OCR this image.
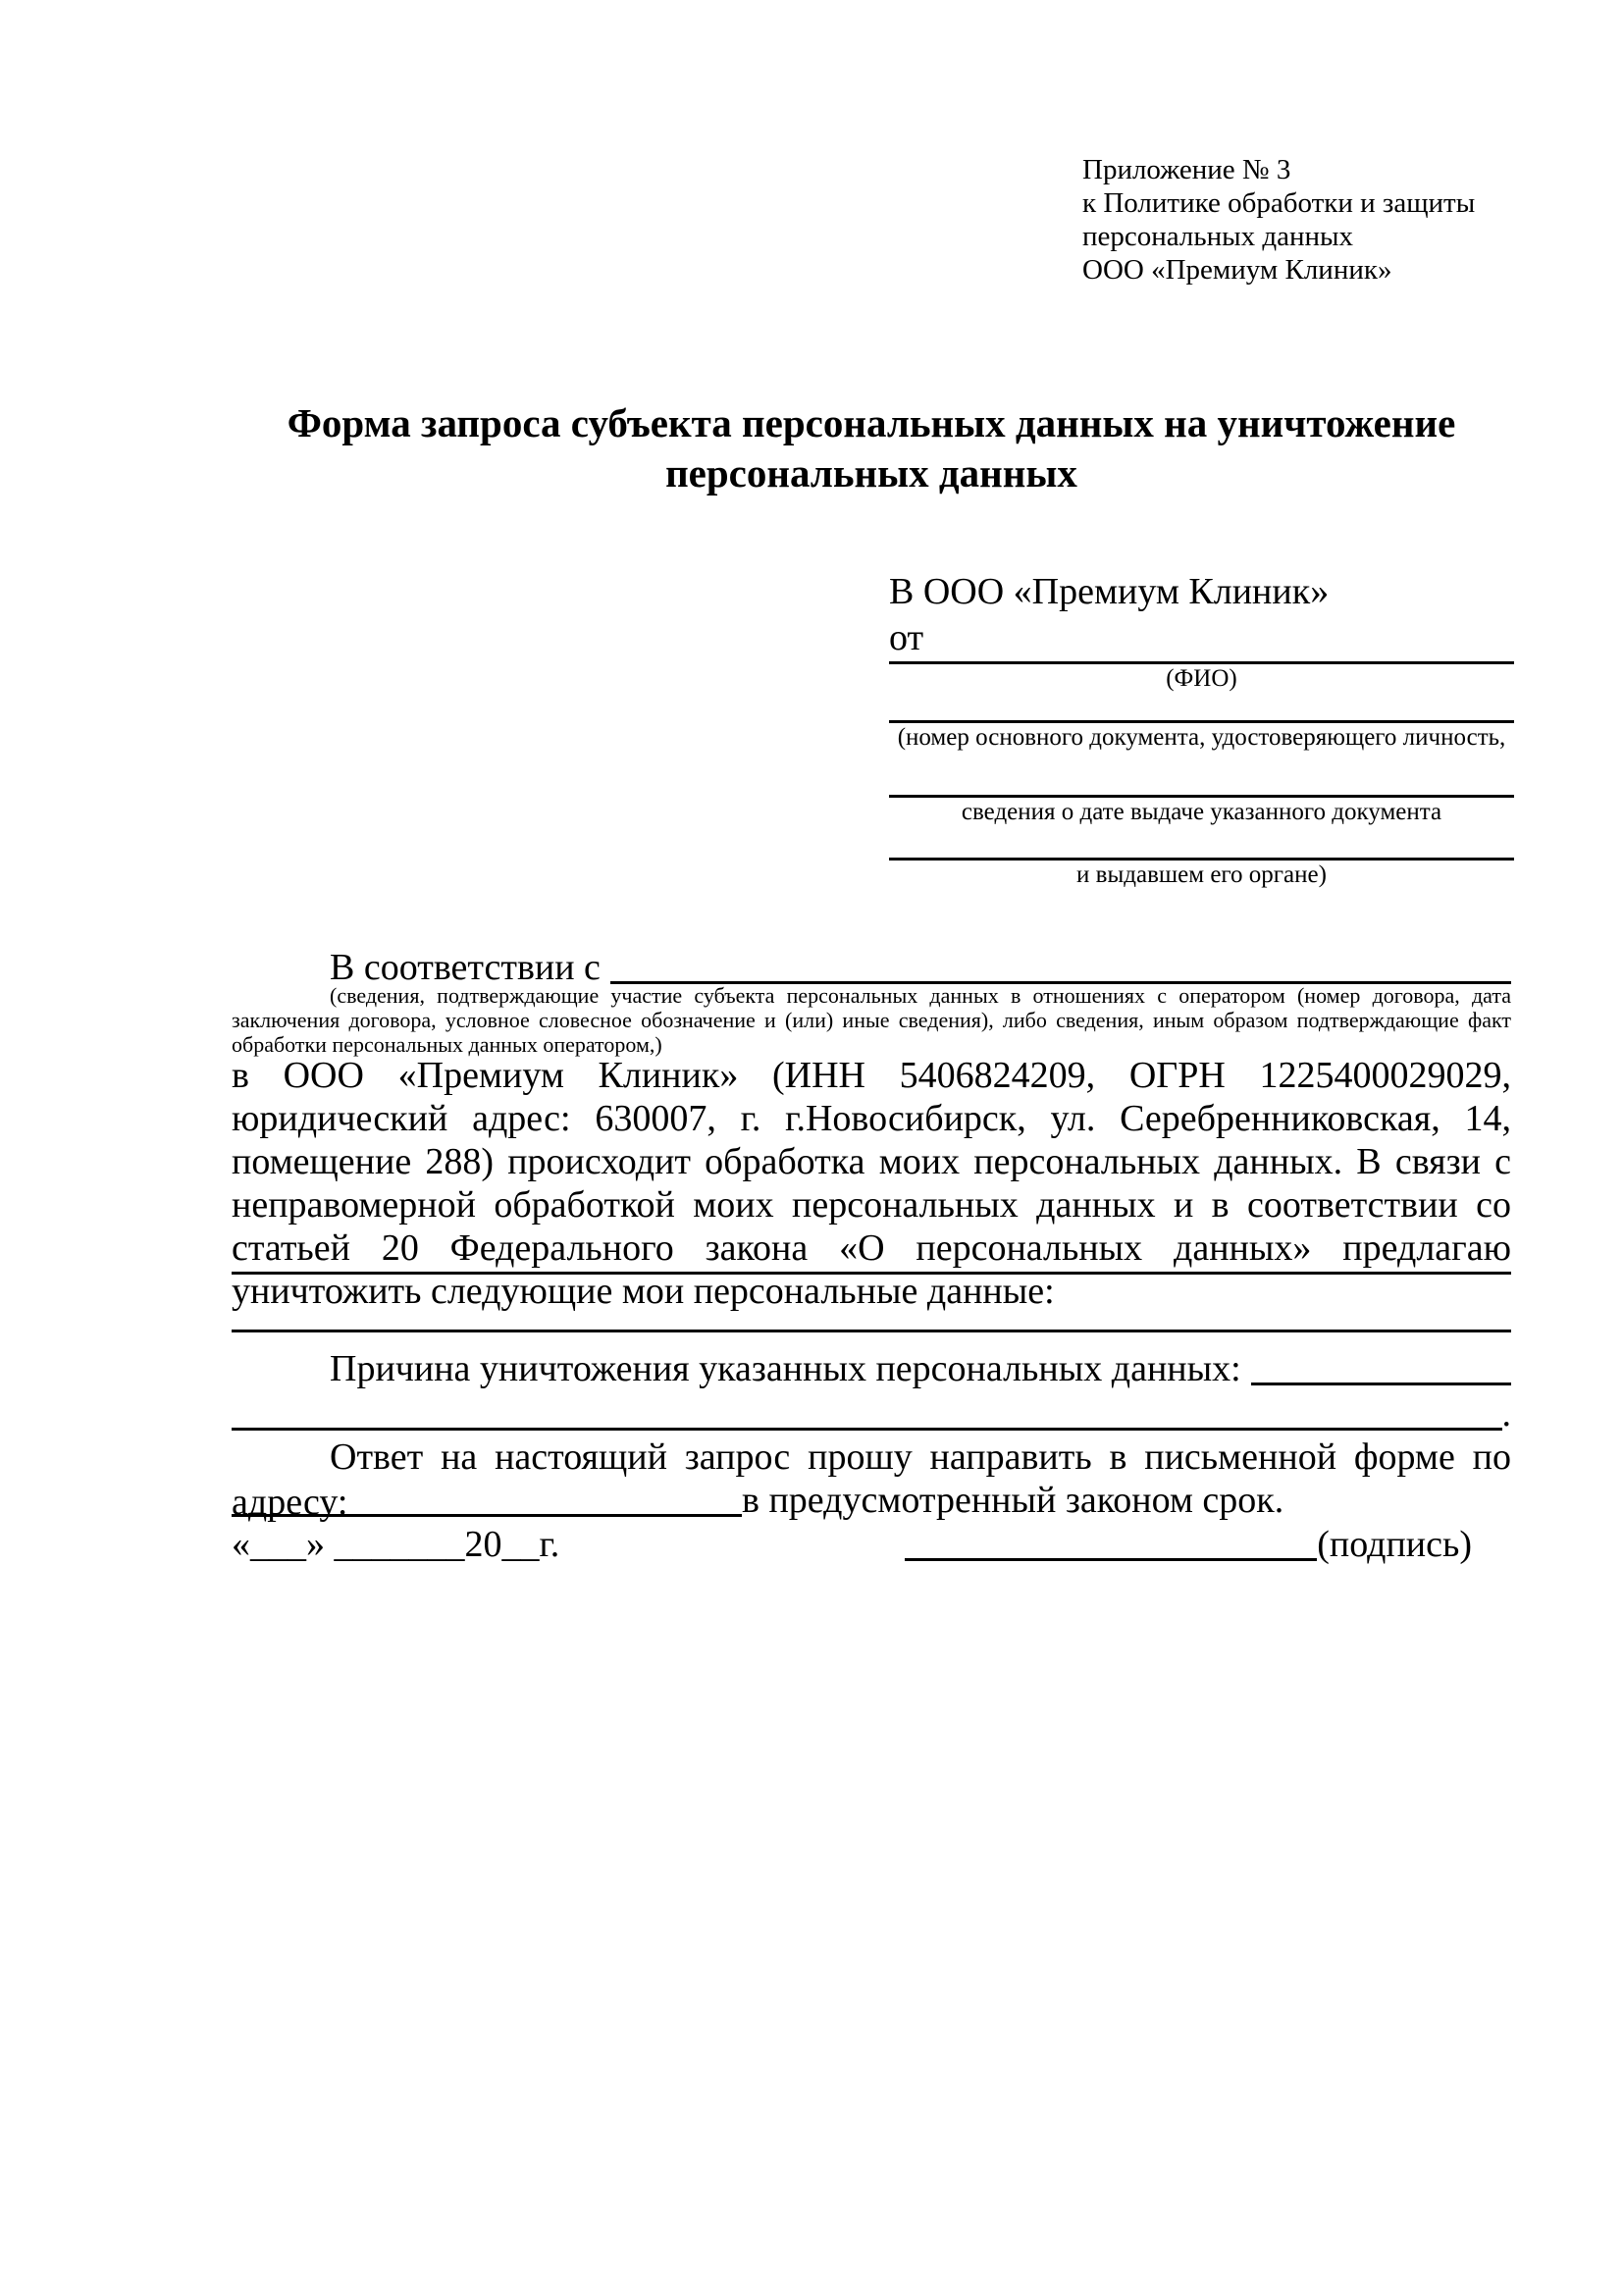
Приложение № 3
к Политике обработки и защиты
персональных данных
ООО «Премиум Клиник»
Форма запроса субъекта персональных данных на уничтожение персональных данных
В ООО «Премиум Клиник»
от
(ФИО)
(номер основного документа, удостоверяющего личность,
сведения о дате выдаче указанного документа
и выдавшем его органе)
В соответствии с
(сведения, подтверждающие участие субъекта персональных данных в отношениях с оператором (номер договора, дата заключения договора, условное словесное обозначение и (или) иные сведения), либо сведения, иным образом подтверждающие факт обработки персональных данных оператором,)
в ООО «Премиум Клиник» (ИНН 5406824209, ОГРН 1225400029029, юридический адрес: 630007, г. г.Новосибирск, ул. Серебренниковская, 14, помещение 288) происходит обработка моих персональных данных. В связи с неправомерной обработкой моих персональных данных и в соответствии со статьей 20 Федерального закона «О персональных данных» предлагаю уничтожить следующие мои персональные данные:
Причина уничтожения указанных персональных данных:
.
Ответ на настоящий запрос прошу направить в письменной форме по адресу:	в предусмотренный законом срок.
«___» _______20__г.	(подпись)
